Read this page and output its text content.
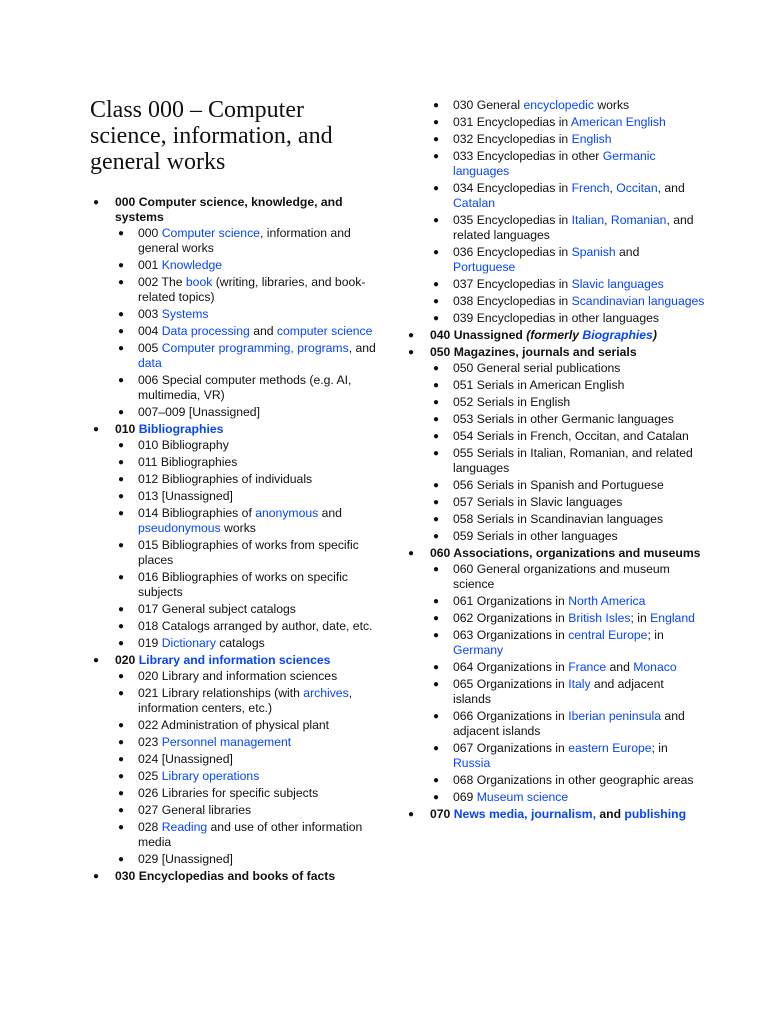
Class 000 – Computer science, information, and general works
● 000 Computer science, knowledge, and systems
● 000 Computer science, information and general works
● 001 Knowledge
● 002 The book (writing, libraries, and book-related topics)
● 003 Systems
● 004 Data processing and computer science
● 005 Computer programming, programs, and data
● 006 Special computer methods (e.g. AI, multimedia, VR)
● 007–009 [Unassigned]
● 010 Bibliographies
● 010 Bibliography
● 011 Bibliographies
● 012 Bibliographies of individuals
● 013 [Unassigned]
● 014 Bibliographies of anonymous and pseudonymous works
● 015 Bibliographies of works from specific places
● 016 Bibliographies of works on specific subjects
● 017 General subject catalogs
● 018 Catalogs arranged by author, date, etc.
● 019 Dictionary catalogs
● 020 Library and information sciences
● 020 Library and information sciences
● 021 Library relationships (with archives, information centers, etc.)
● 022 Administration of physical plant
● 023 Personnel management
● 024 [Unassigned]
● 025 Library operations
● 026 Libraries for specific subjects
● 027 General libraries
● 028 Reading and use of other information media
● 029 [Unassigned]
● 030 Encyclopedias and books of facts
● 030 General encyclopedic works
● 031 Encyclopedias in American English
● 032 Encyclopedias in English
● 033 Encyclopedias in other Germanic languages
● 034 Encyclopedias in French, Occitan, and Catalan
● 035 Encyclopedias in Italian, Romanian, and related languages
● 036 Encyclopedias in Spanish and Portuguese
● 037 Encyclopedias in Slavic languages
● 038 Encyclopedias in Scandinavian languages
● 039 Encyclopedias in other languages
● 040 Unassigned (formerly Biographies)
● 050 Magazines, journals and serials
● 050 General serial publications
● 051 Serials in American English
● 052 Serials in English
● 053 Serials in other Germanic languages
● 054 Serials in French, Occitan, and Catalan
● 055 Serials in Italian, Romanian, and related languages
● 056 Serials in Spanish and Portuguese
● 057 Serials in Slavic languages
● 058 Serials in Scandinavian languages
● 059 Serials in other languages
● 060 Associations, organizations and museums
● 060 General organizations and museum science
● 061 Organizations in North America
● 062 Organizations in British Isles; in England
● 063 Organizations in central Europe; in Germany
● 064 Organizations in France and Monaco
● 065 Organizations in Italy and adjacent islands
● 066 Organizations in Iberian peninsula and adjacent islands
● 067 Organizations in eastern Europe; in Russia
● 068 Organizations in other geographic areas
● 069 Museum science
● 070 News media, journalism, and publishing
